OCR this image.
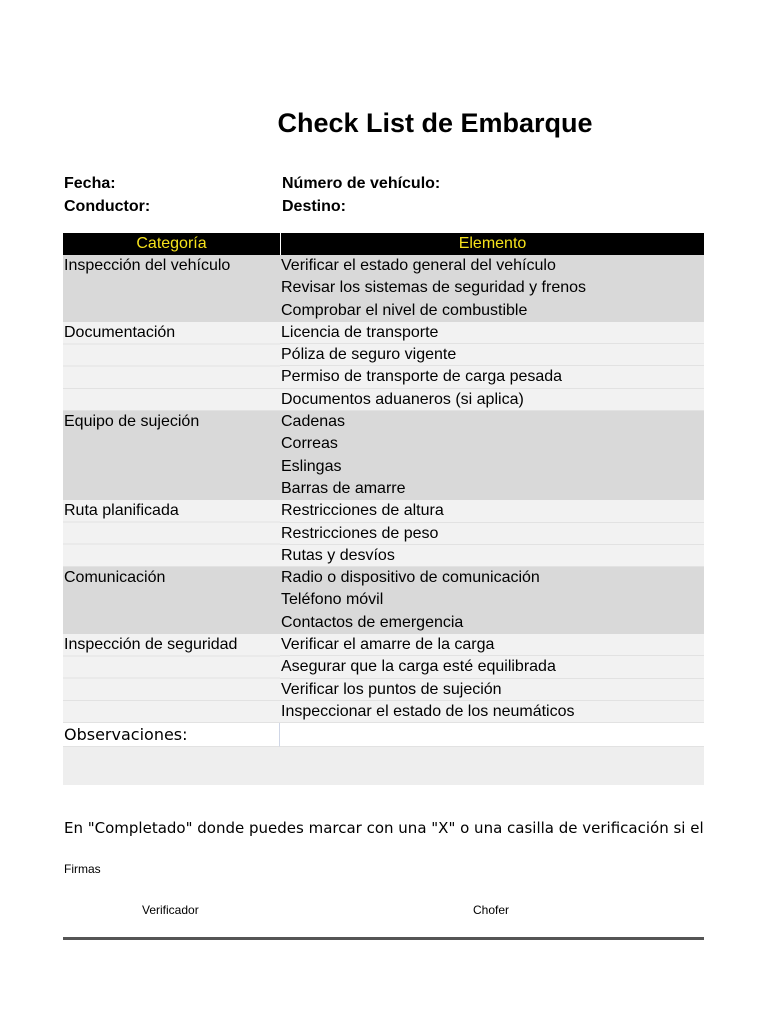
Check List de Embarque
Fecha:
Conductor:
Número de vehículo:
Destino:
Categoría	Elemento
Inspección del vehículo	Verificar el estado general del vehículo
Revisar los sistemas de seguridad y frenos
Comprobar el nivel de combustible
Documentación	Licencia de transporte
Póliza de seguro vigente
Permiso de transporte de carga pesada
Documentos aduaneros (si aplica)
Equipo de sujeción	Cadenas
Correas
Eslingas
Barras de amarre
Ruta planificada	Restricciones de altura
Restricciones de peso
Rutas y desvíos
Comunicación	Radio o dispositivo de comunicación
Teléfono móvil
Contactos de emergencia
Inspección de seguridad	Verificar el amarre de la carga
Asegurar que la carga esté equilibrada
Verificar los puntos de sujeción
Inspeccionar el estado de los neumáticos
Observaciones:
En "Completado" donde puedes marcar con una "X" o una casilla de verificación si el
Firmas
Verificador	Chofer
